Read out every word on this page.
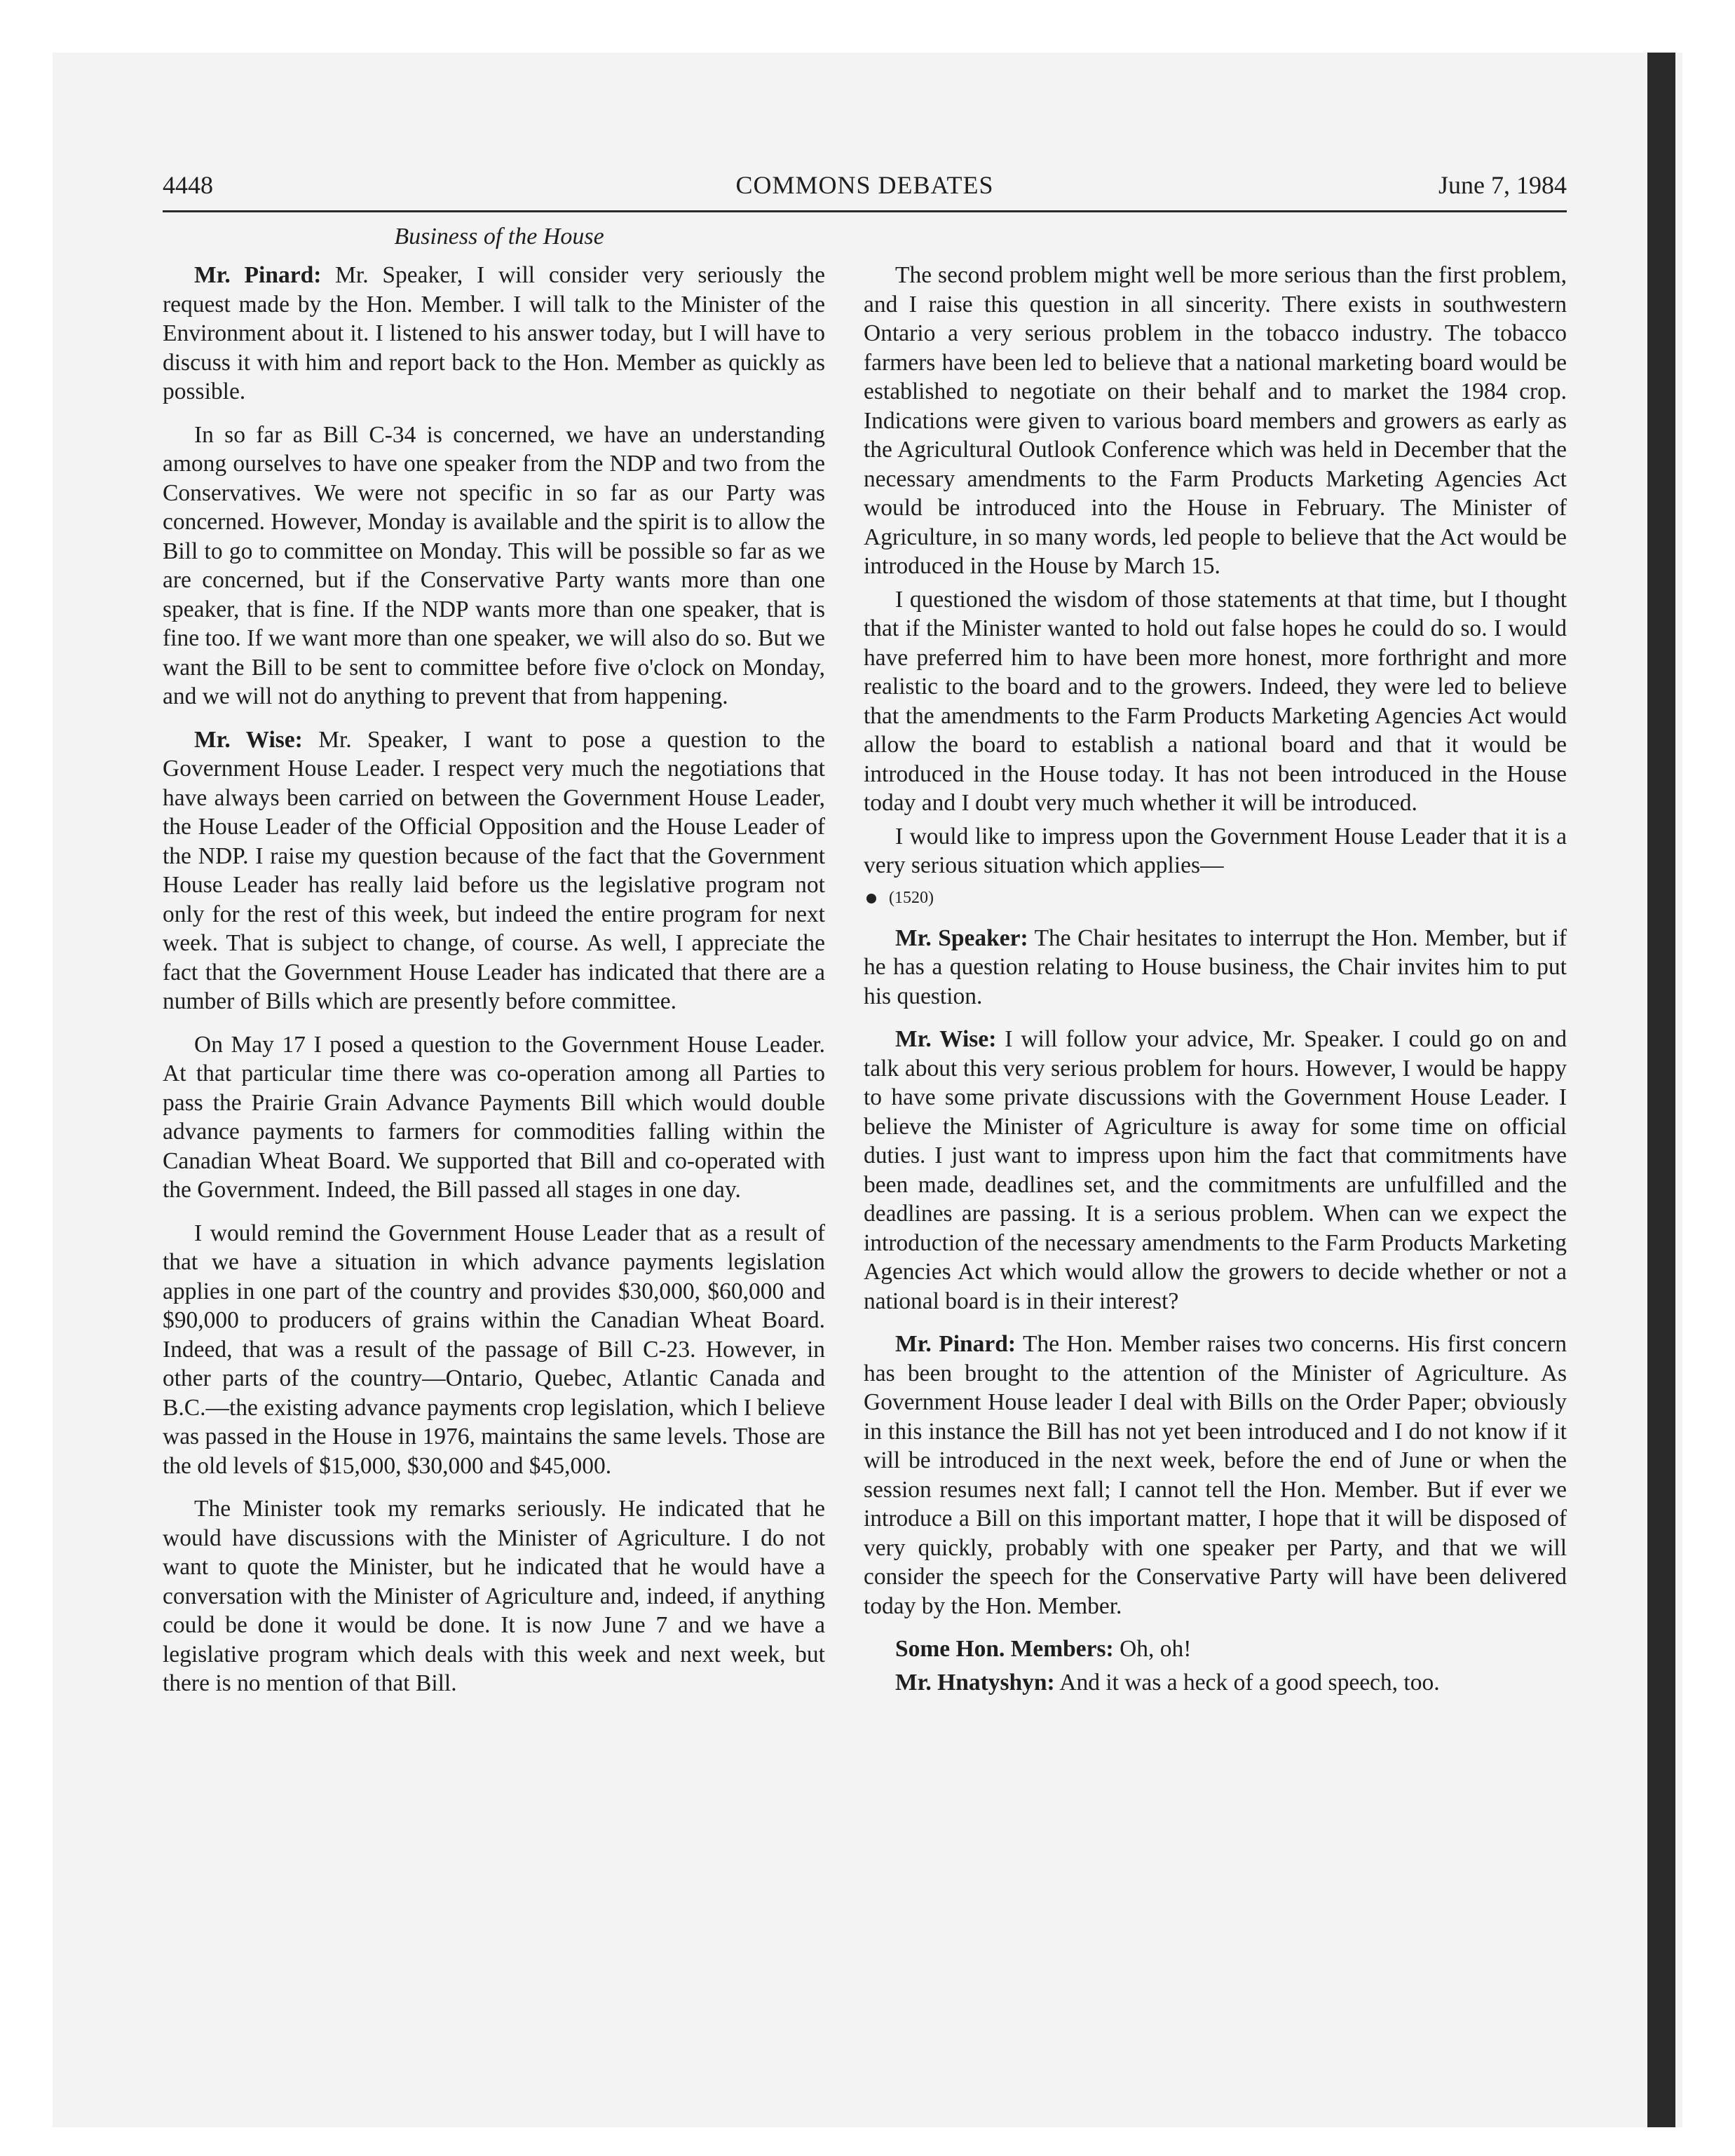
4448	COMMONS DEBATES	June 7, 1984
Business of the House

Mr. Pinard: Mr. Speaker, I will consider very seriously the request made by the Hon. Member. I will talk to the Minister of the Environment about it. I listened to his answer today, but I will have to discuss it with him and report back to the Hon. Member as quickly as possible.

In so far as Bill C-34 is concerned, we have an understanding among ourselves to have one speaker from the NDP and two from the Conservatives. We were not specific in so far as our Party was concerned. However, Monday is available and the spirit is to allow the Bill to go to committee on Monday. This will be possible so far as we are concerned, but if the Conservative Party wants more than one speaker, that is fine. If the NDP wants more than one speaker, that is fine too. If we want more than one speaker, we will also do so. But we want the Bill to be sent to committee before five o'clock on Monday, and we will not do anything to prevent that from happening.

Mr. Wise: Mr. Speaker, I want to pose a question to the Government House Leader. I respect very much the negotiations that have always been carried on between the Government House Leader, the House Leader of the Official Opposition and the House Leader of the NDP. I raise my question because of the fact that the Government House Leader has really laid before us the legislative program not only for the rest of this week, but indeed the entire program for next week. That is subject to change, of course. As well, I appreciate the fact that the Government House Leader has indicated that there are a number of Bills which are presently before committee.

On May 17 I posed a question to the Government House Leader. At that particular time there was co-operation among all Parties to pass the Prairie Grain Advance Payments Bill which would double advance payments to farmers for commodities falling within the Canadian Wheat Board. We supported that Bill and co-operated with the Government. Indeed, the Bill passed all stages in one day.

I would remind the Government House Leader that as a result of that we have a situation in which advance payments legislation applies in one part of the country and provides $30,000, $60,000 and $90,000 to producers of grains within the Canadian Wheat Board. Indeed, that was a result of the passage of Bill C-23. However, in other parts of the country—Ontario, Quebec, Atlantic Canada and B.C.—the existing advance payments crop legislation, which I believe was passed in the House in 1976, maintains the same levels. Those are the old levels of $15,000, $30,000 and $45,000.

The Minister took my remarks seriously. He indicated that he would have discussions with the Minister of Agriculture. I do not want to quote the Minister, but he indicated that he would have a conversation with the Minister of Agriculture and, indeed, if anything could be done it would be done. It is now June 7 and we have a legislative program which deals with this week and next week, but there is no mention of that Bill.

The second problem might well be more serious than the first problem, and I raise this question in all sincerity. There exists in southwestern Ontario a very serious problem in the tobacco industry. The tobacco farmers have been led to believe that a national marketing board would be established to negotiate on their behalf and to market the 1984 crop. Indications were given to various board members and growers as early as the Agricultural Outlook Conference which was held in December that the necessary amendments to the Farm Products Marketing Agencies Act would be introduced into the House in February. The Minister of Agriculture, in so many words, led people to believe that the Act would be introduced in the House by March 15.

I questioned the wisdom of those statements at that time, but I thought that if the Minister wanted to hold out false hopes he could do so. I would have preferred him to have been more honest, more forthright and more realistic to the board and to the growers. Indeed, they were led to believe that the amendments to the Farm Products Marketing Agencies Act would allow the board to establish a national board and that it would be introduced in the House today. It has not been introduced in the House today and I doubt very much whether it will be introduced.

I would like to impress upon the Government House Leader that it is a very serious situation which applies—

(1520)

Mr. Speaker: The Chair hesitates to interrupt the Hon. Member, but if he has a question relating to House business, the Chair invites him to put his question.

Mr. Wise: I will follow your advice, Mr. Speaker. I could go on and talk about this very serious problem for hours. However, I would be happy to have some private discussions with the Government House Leader. I believe the Minister of Agriculture is away for some time on official duties. I just want to impress upon him the fact that commitments have been made, deadlines set, and the commitments are unfulfilled and the deadlines are passing. It is a serious problem. When can we expect the introduction of the necessary amendments to the Farm Products Marketing Agencies Act which would allow the growers to decide whether or not a national board is in their interest?

Mr. Pinard: The Hon. Member raises two concerns. His first concern has been brought to the attention of the Minister of Agriculture. As Government House leader I deal with Bills on the Order Paper; obviously in this instance the Bill has not yet been introduced and I do not know if it will be introduced in the next week, before the end of June or when the session resumes next fall; I cannot tell the Hon. Member. But if ever we introduce a Bill on this important matter, I hope that it will be disposed of very quickly, probably with one speaker per Party, and that we will consider the speech for the Conservative Party will have been delivered today by the Hon. Member.

Some Hon. Members: Oh, oh!

Mr. Hnatyshyn: And it was a heck of a good speech, too.
